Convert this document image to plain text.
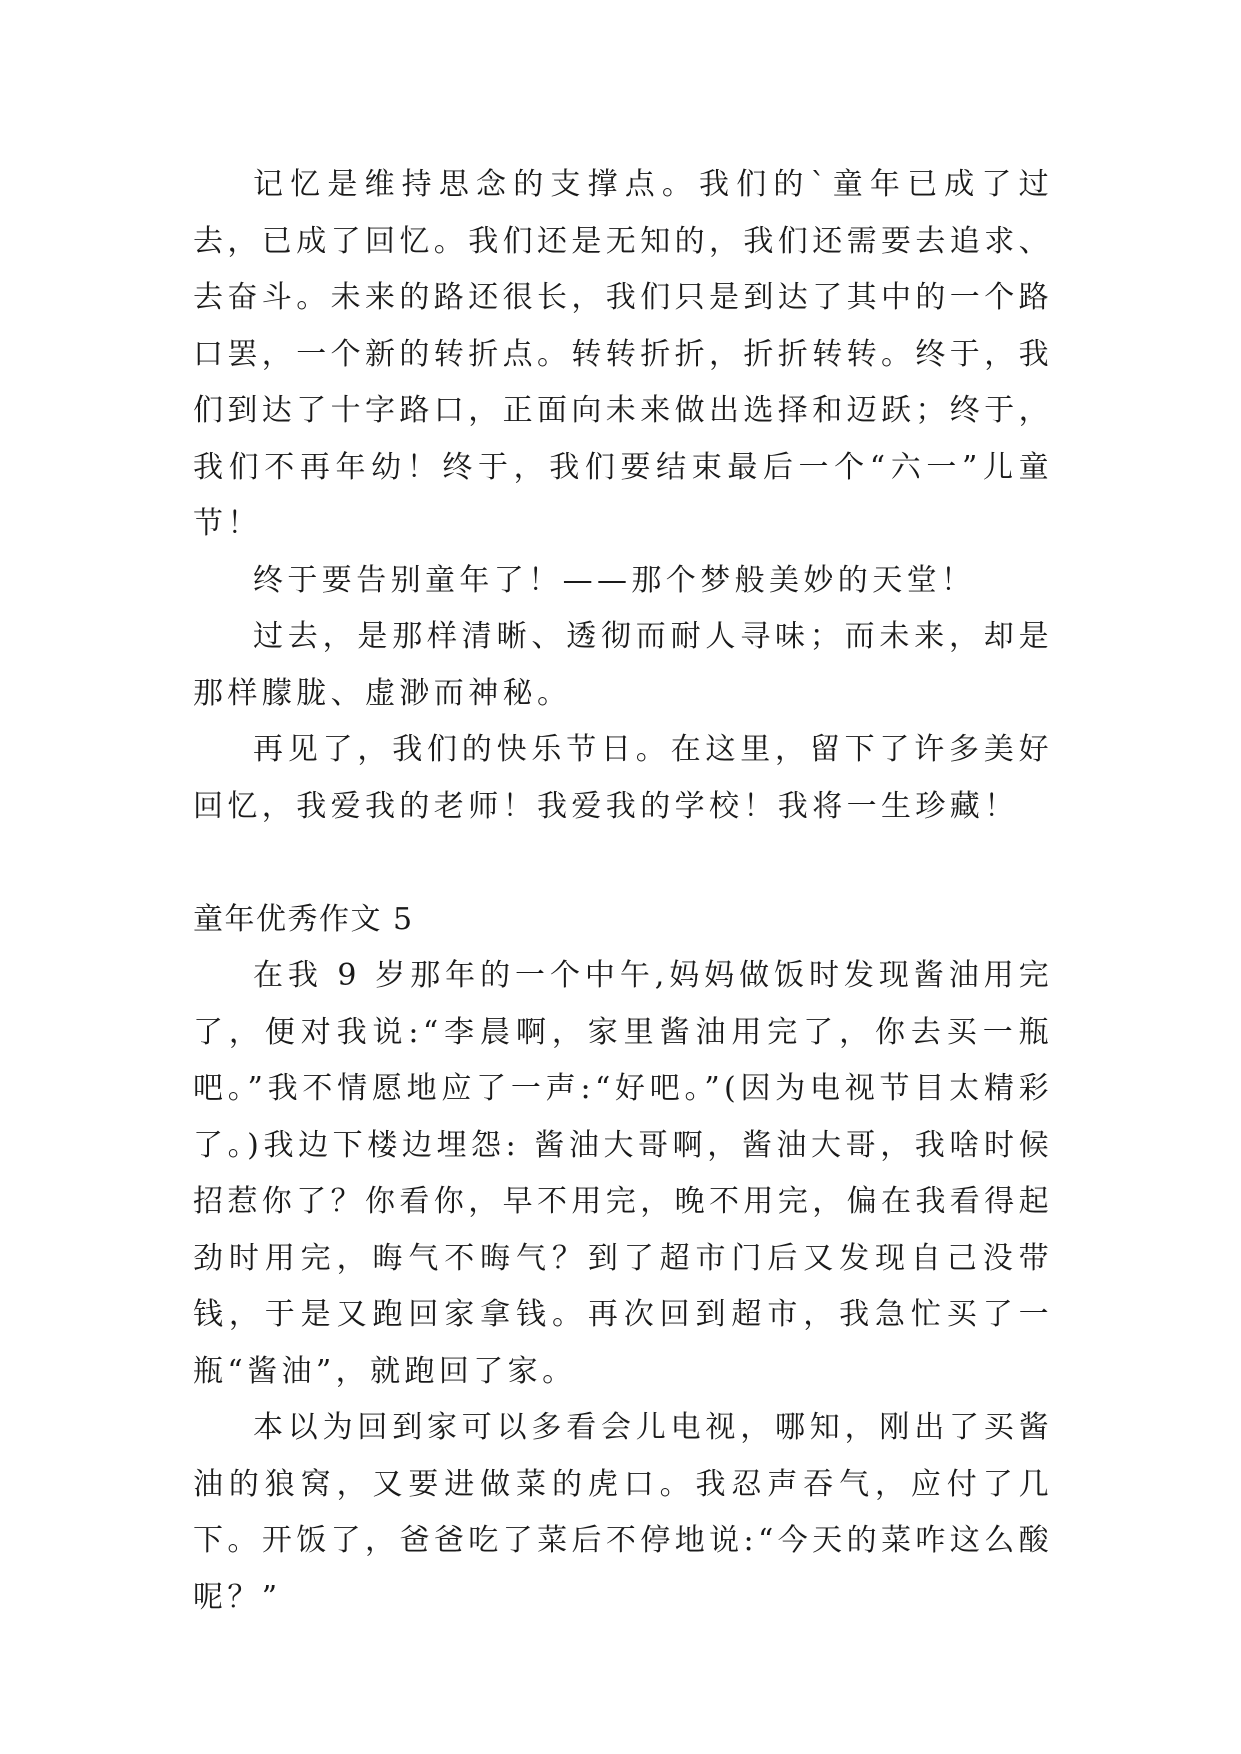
记忆是维持思念的支撑点。我们的`童年已成了过去，已成了回忆。我们还是无知的，我们还需要去追求、去奋斗。未来的路还很长，我们只是到达了其中的一个路口罢，一个新的转折点。转转折折，折折转转。终于，我们到达了十字路口，正面向未来做出选择和迈跃；终于，我们不再年幼！终于，我们要结束最后一个“六一”儿童节！

终于要告别童年了！——那个梦般美妙的天堂！

过去，是那样清晰、透彻而耐人寻味；而未来，却是那样朦胧、虚渺而神秘。

再见了，我们的快乐节日。在这里，留下了许多美好回忆，我爱我的老师！我爱我的学校！我将一生珍藏！

童年优秀作文 5

在我 9 岁那年的一个中午,妈妈做饭时发现酱油用完了，便对我说:“李晨啊，家里酱油用完了，你去买一瓶吧。”我不情愿地应了一声:“好吧。”(因为电视节目太精彩了。)我边下楼边埋怨: 酱油大哥啊，酱油大哥，我啥时候招惹你了？你看你，早不用完，晚不用完，偏在我看得起劲时用完，晦气不晦气？到了超市门后又发现自己没带钱，于是又跑回家拿钱。再次回到超市，我急忙买了一瓶“酱油”，就跑回了家。

本以为回到家可以多看会儿电视，哪知，刚出了买酱油的狼窝，又要进做菜的虎口。我忍声吞气，应付了几下。开饭了，爸爸吃了菜后不停地说:“今天的菜咋这么酸呢？”
